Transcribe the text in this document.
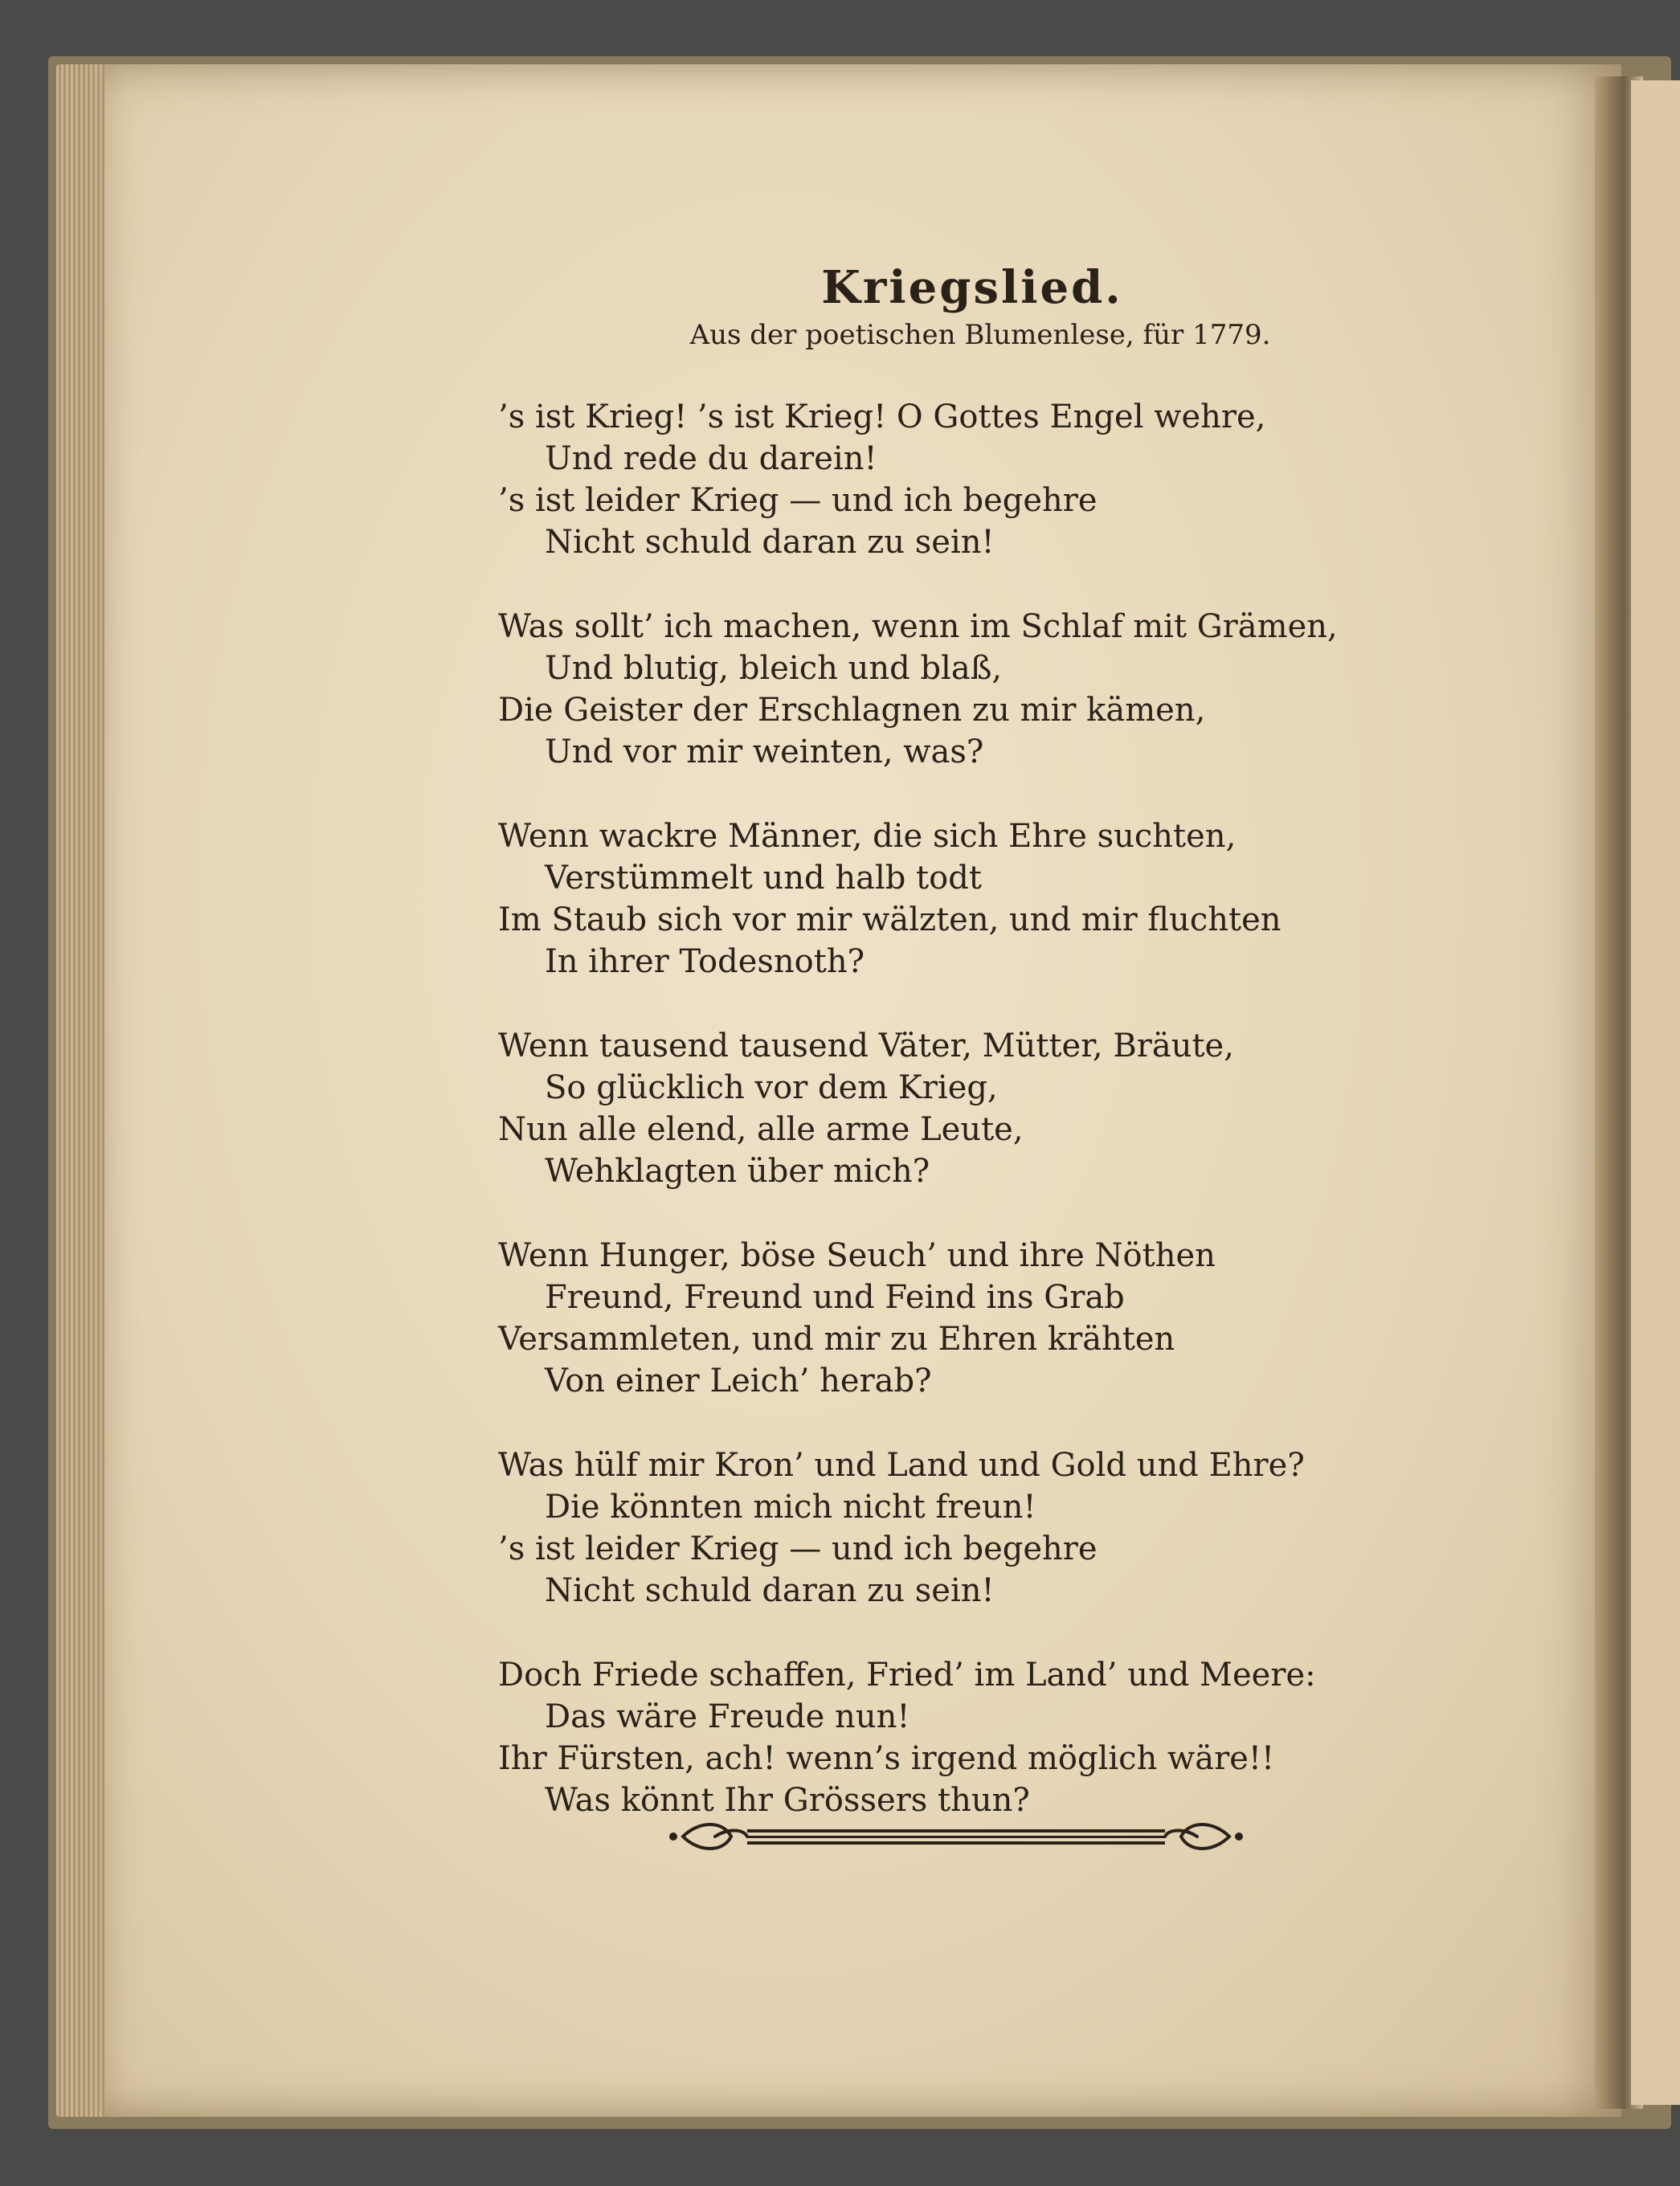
Kriegslied.

Aus der poetischen Blumenlese, für 1779.

’s ist Krieg! ’s ist Krieg! O Gottes Engel wehre,

Und rede du darein!

’s ist leider Krieg — und ich begehre

Nicht schuld daran zu sein!

Was sollt’ ich machen, wenn im Schlaf mit Grämen,

Und blutig, bleich und blaß,

Die Geister der Erschlagnen zu mir kämen,

Und vor mir weinten, was?

Wenn wackre Männer, die sich Ehre suchten,

Verstümmelt und halb todt

Im Staub sich vor mir wälzten, und mir fluchten

In ihrer Todesnoth?

Wenn tausend tausend Väter, Mütter, Bräute,

So glücklich vor dem Krieg,

Nun alle elend, alle arme Leute,

Wehklagten über mich?

Wenn Hunger, böse Seuch’ und ihre Nöthen

Freund, Freund und Feind ins Grab

Versammleten, und mir zu Ehren krähten

Von einer Leich’ herab?

Was hülf mir Kron’ und Land und Gold und Ehre?

Die könnten mich nicht freun!

’s ist leider Krieg — und ich begehre

Nicht schuld daran zu sein!

Doch Friede schaffen, Fried’ im Land’ und Meere:

Das wäre Freude nun!

Ihr Fürsten, ach! wenn’s irgend möglich wäre!!

Was könnt Ihr Grössers thun?
